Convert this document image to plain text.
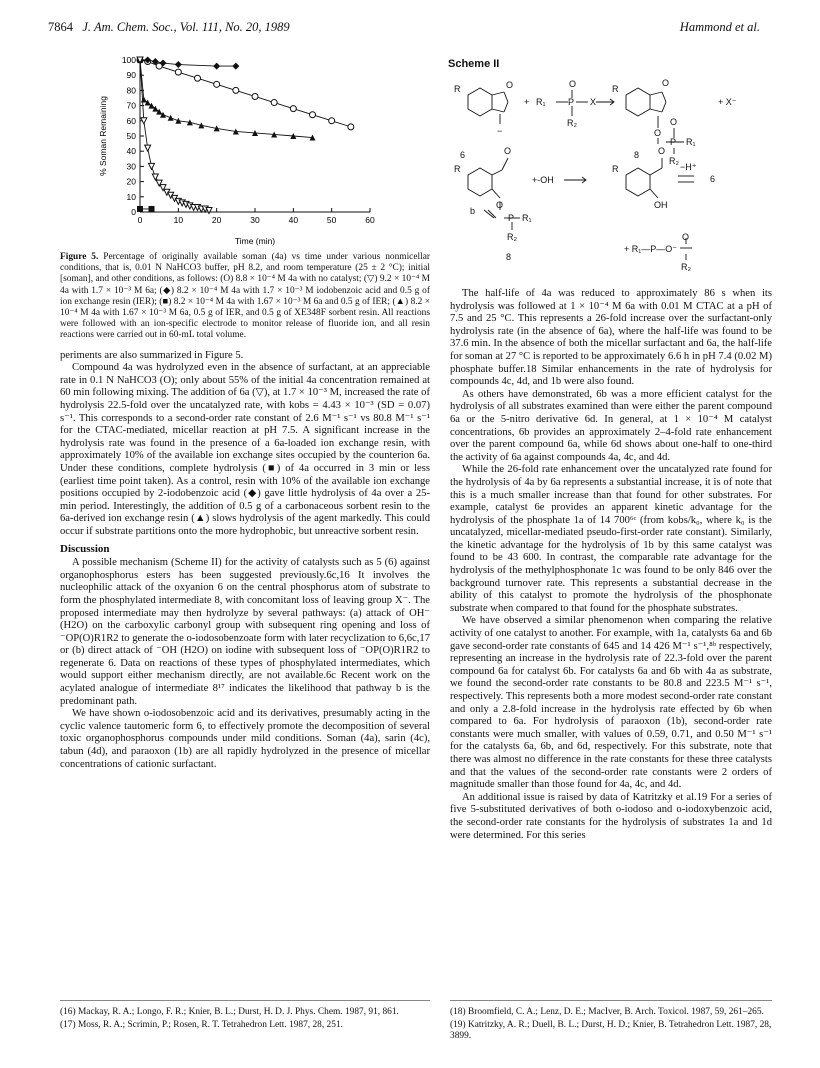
7864 J. Am. Chem. Soc., Vol. 111, No. 20, 1989	Hammond et al.
0
10
20
30
40
50
60
70
80
90
100
0	10	20	30	40	50	60
Time (min)
% Soman Remaining

Figure 5. Percentage of originally available soman (4a) vs time under various nonmicellar conditions, that is, 0.01 N NaHCO3 buffer, pH 8.2, and room temperature (25 ± 2 °C); initial [soman], and other conditions, as follows: (O) 8.8 × 10⁻⁴ M 4a with no catalyst; (▽) 9.2 × 10⁻⁴ M 4a with 1.7 × 10⁻³ M 6a; (◆) 8.2 × 10⁻⁴ M 4a with 1.7 × 10⁻³ M iodobenzoic acid and 0.5 g of ion exchange resin (IER); (■) 8.2 × 10⁻⁴ M 4a with 1.67 × 10⁻³ M 6a and 0.5 g of IER; (▲) 8.2 × 10⁻⁴ M 4a with 1.67 × 10⁻³ M 6a, 0.5 g of IER, and 0.5 g of XE348F sorbent resin. All reactions were followed with an ion-specific electrode to monitor release of fluoride ion, and all resin reactions were carried out in 60-mL total volume.

periments are also summarized in Figure 5.

Compound 4a was hydrolyzed even in the absence of surfactant, at an appreciable rate in 0.1 N NaHCO3 (O); only about 55% of the initial 4a concentration remained at 60 min following mixing. The addition of 6a (▽), at 1.7 × 10⁻³ M, increased the rate of hydrolysis 22.5-fold over the uncatalyzed rate, with kobs = 4.43 × 10⁻³ (SD = 0.07) s⁻¹. This corresponds to a second-order rate constant of 2.6 M⁻¹ s⁻¹ vs 80.8 M⁻¹ s⁻¹ for the CTAC-mediated, micellar reaction at pH 7.5. A significant increase in the hydrolysis rate was found in the presence of a 6a-loaded ion exchange resin, with approximately 10% of the available ion exchange sites occupied by the counterion 6a. Under these conditions, complete hydrolysis (■) of 4a occurred in 3 min or less (earliest time point taken). As a control, resin with 10% of the available ion exchange positions occupied by 2-iodobenzoic acid (◆) gave little hydrolysis of 4a over a 25-min period. Interestingly, the addition of 0.5 g of a carbonaceous sorbent resin to the 6a-derived ion exchange resin (▲) slows hydrolysis of the agent markedly. This could occur if substrate partitions onto the more hydrophobic, but unreactive sorbent resin.

Discussion

A possible mechanism (Scheme II) for the activity of catalysts such as 5 (6) against organophosphorus esters has been suggested previously.6c,16 It involves the nucleophilic attack of the oxyanion 6 on the central phosphorus atom of substrate to form the phosphylated intermediate 8, with concomitant loss of leaving group X⁻. The proposed intermediate may then hydrolyze by several pathways: (a) attack of OH⁻ (H2O) on the carboxylic carbonyl group with subsequent ring opening and loss of ⁻OP(O)R1R2 to generate the o-iodosobenzoate form with later recyclization to 6,6c,17 or (b) direct attack of ⁻OH (H2O) on iodine with subsequent loss of ⁻OP(O)R1R2 to regenerate 6. Data on reactions of these types of phosphylated intermediates, which would support either mechanism directly, are not available.6c Recent work on the acylated analogue of intermediate 8¹⁷ indicates the likelihood that pathway b is the predominant path.

We have shown o-iodosobenzoic acid and its derivatives, presumably acting in the cyclic valence tautomeric form 6, to effectively promote the decomposition of several toxic organophosphorus compounds under mild conditions. Soman (4a), sarin (4c), tabun (4d), and paraoxon (1b) are all rapidly hydrolyzed in the presence of micellar concentrations of cationic surfactant.

Scheme II
R	O
−
6
+ R₁ P
O
X
R₂
R
O
O
O
R₁
P
R₂
+ X⁻
8
R
O
+-OH
b
O
P R₁
R₂
8
R
O
OH
−H⁺
6
O
+ R₁—P—O⁻
R₂

The half-life of 4a was reduced to approximately 86 s when its hydrolysis was followed at 1 × 10⁻⁴ M 6a with 0.01 M CTAC at a pH of 7.5 and 25 °C. This represents a 26-fold increase over the surfactant-only hydrolysis rate (in the absence of 6a), where the half-life was found to be 37.6 min. In the absence of both the micellar surfactant and 6a, the half-life for soman at 27 °C is reported to be approximately 6.6 h in pH 7.4 (0.02 M) phosphate buffer.18 Similar enhancements in the rate of hydrolysis for compounds 4c, 4d, and 1b were also found.

As others have demonstrated, 6b was a more efficient catalyst for the hydrolysis of all substrates examined than were either the parent compound 6a or the 5-nitro derivative 6d. In general, at 1 × 10⁻⁴ M catalyst concentrations, 6b provides an approximately 2–4-fold rate enhancement over the parent compound 6a, while 6d shows about one-half to one-third the activity of 6a against compounds 4a, 4c, and 4d.

While the 26-fold rate enhancement over the uncatalyzed rate found for the hydrolysis of 4a by 6a represents a substantial increase, it is of note that this is a much smaller increase than that found for other substrates. For example, catalyst 6e provides an apparent kinetic advantage for the hydrolysis of the phosphate 1a of 14 700⁶ᶜ (from kobs/k₀, where k₀ is the uncatalyzed, micellar-mediated pseudo-first-order rate constant). Similarly, the kinetic advantage for the hydrolysis of 1b by this same catalyst was found to be 43 600. In contrast, the comparable rate advantage for the hydrolysis of the methylphosphonate 1c was found to be only 846 over the background turnover rate. This represents a substantial decrease in the ability of this catalyst to promote the hydrolysis of the phosphonate substrate when compared to that found for the phosphate substrates.

We have observed a similar phenomenon when comparing the relative activity of one catalyst to another. For example, with 1a, catalysts 6a and 6b gave second-order rate constants of 645 and 14 426 M⁻¹ s⁻¹,⁸ᵇ respectively, representing an increase in the hydrolysis rate of 22.3-fold over the parent compound 6a for catalyst 6b. For catalysts 6a and 6b with 4a as substrate, we found the second-order rate constants to be 80.8 and 223.5 M⁻¹ s⁻¹, respectively. This represents both a more modest second-order rate constant and only a 2.8-fold increase in the hydrolysis rate effected by 6b when compared to 6a. For hydrolysis of paraoxon (1b), second-order rate constants were much smaller, with values of 0.59, 0.71, and 0.50 M⁻¹ s⁻¹ for the catalysts 6a, 6b, and 6d, respectively. For this substrate, note that there was almost no difference in the rate constants for these three catalysts and that the values of the second-order rate constants were 2 orders of magnitude smaller than those found for 4a, 4c, and 4d.

An additional issue is raised by data of Katritzky et al.19 For a series of five 5-substituted derivatives of both o-iodoso and o-iodoxybenzoic acid, the second-order rate constants for the hydrolysis of substrates 1a and 1d were determined. For this series

(16) Mackay, R. A.; Longo, F. R.; Knier, B. L.; Durst, H. D. J. Phys. Chem. 1987, 91, 861.
(17) Moss, R. A.; Scrimin, P.; Rosen, R. T. Tetrahedron Lett. 1987, 28, 251.
(18) Broomfield, C. A.; Lenz, D. E.; MacIver, B. Arch. Toxicol. 1987, 59, 261–265.
(19) Katritzky, A. R.; Duell, B. L.; Durst, H. D.; Knier, B. Tetrahedron Lett. 1987, 28, 3899.
